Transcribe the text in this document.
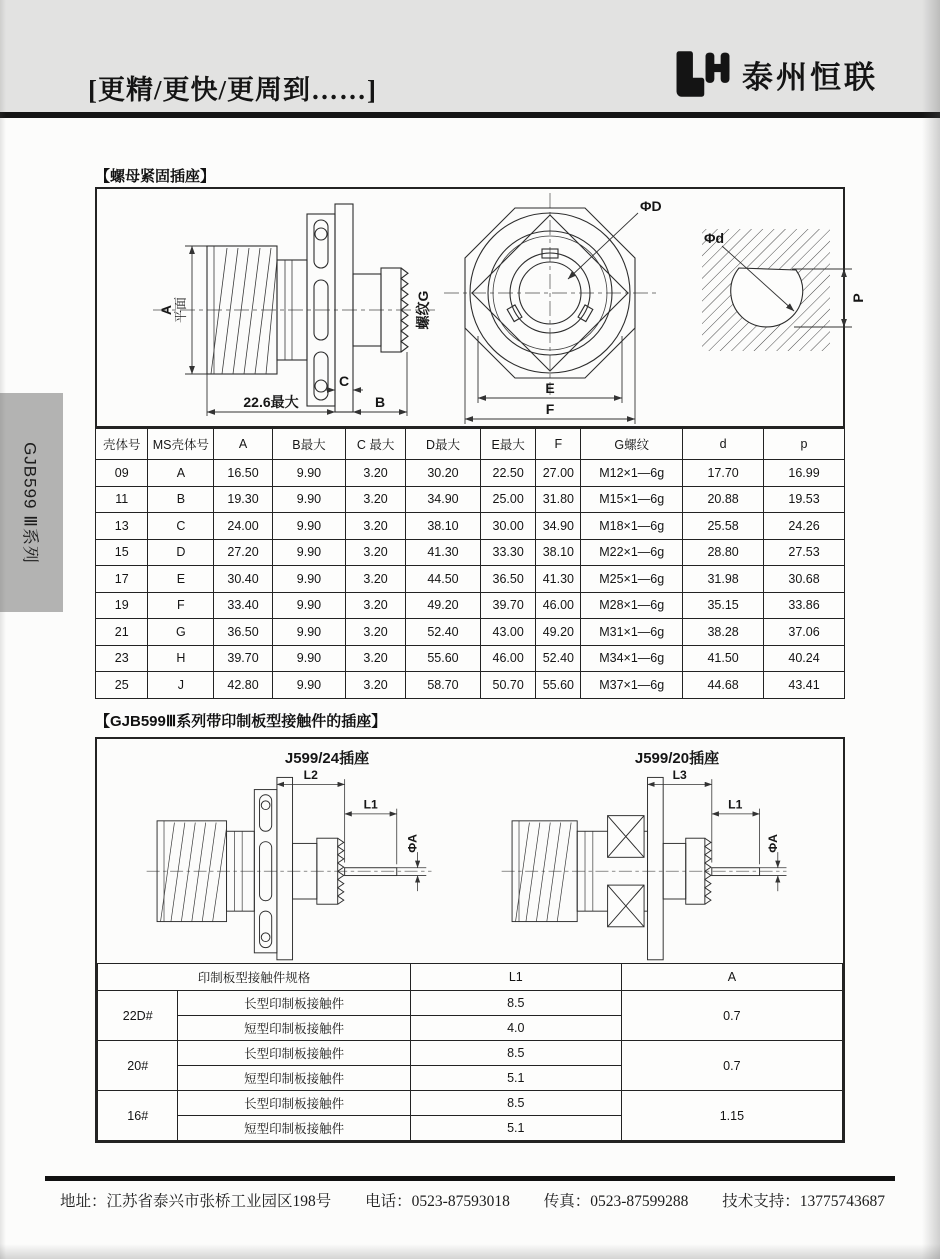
[更精/更快/更周到……]	泰州恒联
GJB599 Ⅲ系列
【螺母紧固插座】
A 平面	螺纹G
C
22.6最大	B
ΦD
E
F
Φd
P
壳体号	MS壳体号	A	B最大	C 最大	D最大	E最大	F	G螺纹	d	p
09	A	16.50	9.90	3.20	30.20	22.50	27.00	M12×1—6g	17.70	16.99
11	B	19.30	9.90	3.20	34.90	25.00	31.80	M15×1—6g	20.88	19.53
13	C	24.00	9.90	3.20	38.10	30.00	34.90	M18×1—6g	25.58	24.26
15	D	27.20	9.90	3.20	41.30	33.30	38.10	M22×1—6g	28.80	27.53
17	E	30.40	9.90	3.20	44.50	36.50	41.30	M25×1—6g	31.98	30.68
19	F	33.40	9.90	3.20	49.20	39.70	46.00	M28×1—6g	35.15	33.86
21	G	36.50	9.90	3.20	52.40	43.00	49.20	M31×1—6g	38.28	37.06
23	H	39.70	9.90	3.20	55.60	46.00	52.40	M34×1—6g	41.50	40.24
25	J	42.80	9.90	3.20	58.70	50.70	55.60	M37×1—6g	44.68	43.41
【GJB599Ⅲ系列带印制板型接触件的插座】
J599/24插座	J599/20插座
L2
L1
ΦA
L3
L1
ΦA
印制板型接触件规格		L1	A
22D#	长型印制板接触件	8.5	0.7
	短型印制板接触件	4.0	
20#	长型印制板接触件	8.5	0.7
	短型印制板接触件	5.1	
16#	长型印制板接触件	8.5	1.15
	短型印制板接触件	5.1	
地址：江苏省泰兴市张桥工业园区198号 电话：0523-87593018 传真：0523-87599288 技术支持：13775743687
